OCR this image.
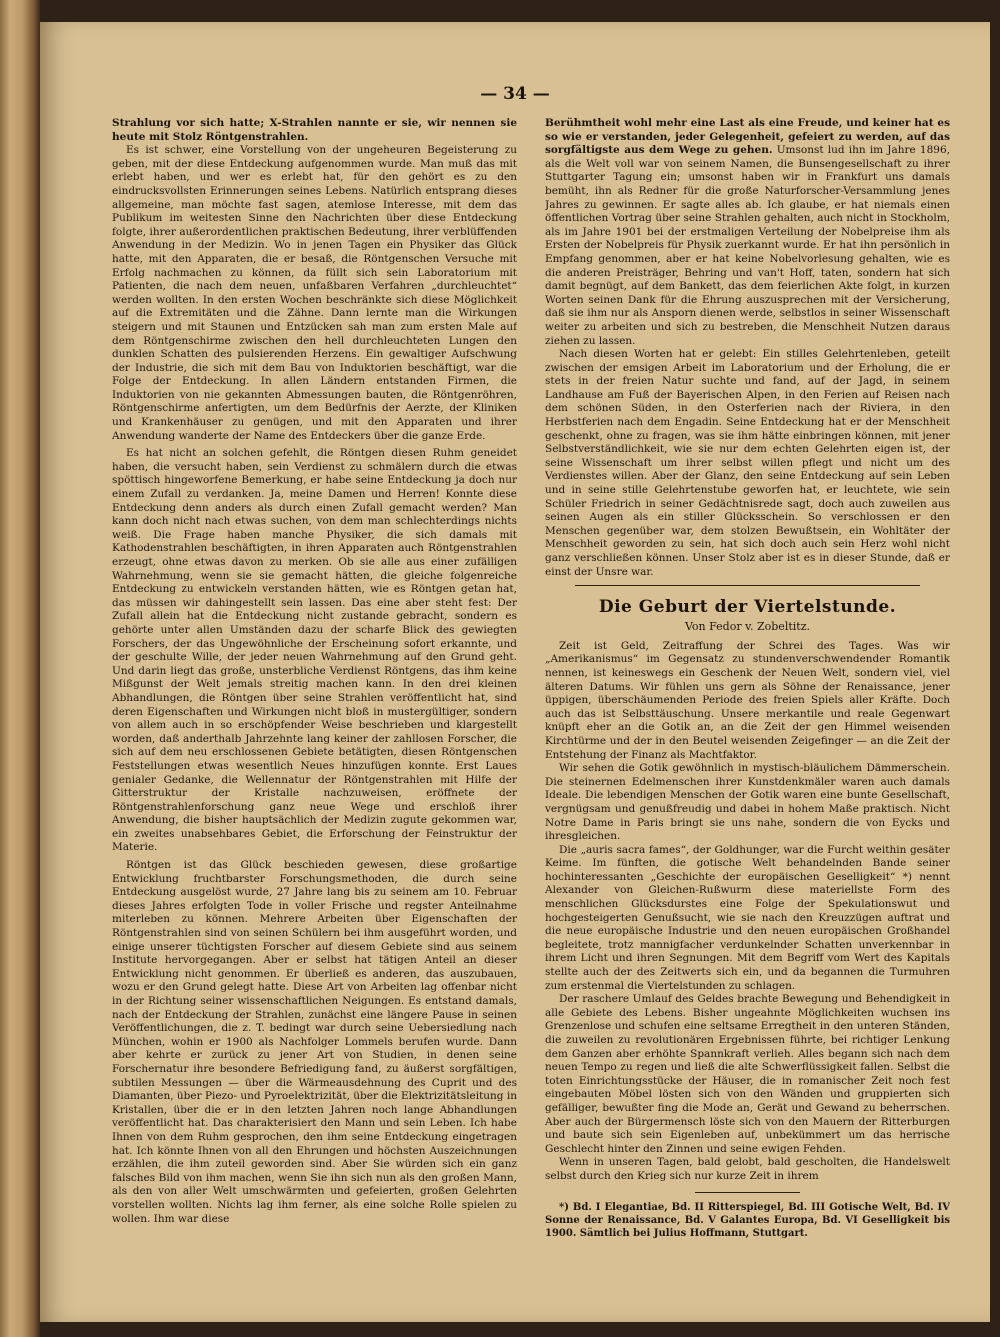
— 34 —

Strahlung vor sich hatte; X-Strahlen nannte er sie, wir nennen sie heute mit Stolz Röntgenstrahlen.

Es ist schwer, eine Vorstellung von der ungeheuren Begeisterung zu geben, mit der diese Entdeckung aufgenommen wurde. Man muß das mit erlebt haben, und wer es erlebt hat, für den gehört es zu den eindrucksvollsten Erinnerungen seines Lebens. Natürlich entsprang dieses allgemeine, man möchte fast sagen, atemlose Interesse, mit dem das Publikum im weitesten Sinne den Nachrichten über diese Entdeckung folgte, ihrer außerordentlichen praktischen Bedeutung, ihrer verblüffenden Anwendung in der Medizin. Wo in jenen Tagen ein Physiker das Glück hatte, mit den Apparaten, die er besaß, die Röntgenschen Versuche mit Erfolg nachmachen zu können, da füllt sich sein Laboratorium mit Patienten, die nach dem neuen, unfaßbaren Verfahren „durchleuchtet“ werden wollten. In den ersten Wochen beschränkte sich diese Möglichkeit auf die Extremitäten und die Zähne. Dann lernte man die Wirkungen steigern und mit Staunen und Entzücken sah man zum ersten Male auf dem Röntgenschirme zwischen den hell durchleuchteten Lungen den dunklen Schatten des pulsierenden Herzens. Ein gewaltiger Aufschwung der Industrie, die sich mit dem Bau von Induktorien beschäftigt, war die Folge der Entdeckung. In allen Ländern entstanden Firmen, die Induktorien von nie gekannten Abmessungen bauten, die Röntgenröhren, Röntgenschirme anfertigten, um dem Bedürfnis der Aerzte, der Kliniken und Krankenhäuser zu genügen, und mit den Apparaten und ihrer Anwendung wanderte der Name des Entdeckers über die ganze Erde.

Es hat nicht an solchen gefehlt, die Röntgen diesen Ruhm geneidet haben, die versucht haben, sein Verdienst zu schmälern durch die etwas spöttisch hingeworfene Bemerkung, er habe seine Entdeckung ja doch nur einem Zufall zu verdanken. Ja, meine Damen und Herren! Konnte diese Entdeckung denn anders als durch einen Zufall gemacht werden? Man kann doch nicht nach etwas suchen, von dem man schlechterdings nichts weiß. Die Frage haben manche Physiker, die sich damals mit Kathodenstrahlen beschäftigten, in ihren Apparaten auch Röntgenstrahlen erzeugt, ohne etwas davon zu merken. Ob sie alle aus einer zufälligen Wahrnehmung, wenn sie sie gemacht hätten, die gleiche folgenreiche Entdeckung zu entwickeln verstanden hätten, wie es Röntgen getan hat, das müssen wir dahingestellt sein lassen. Das eine aber steht fest: Der Zufall allein hat die Entdeckung nicht zustande gebracht, sondern es gehörte unter allen Umständen dazu der scharfe Blick des gewiegten Forschers, der das Ungewöhnliche der Erscheinung sofort erkannte, und der geschulte Wille, der jeder neuen Wahrnehmung auf den Grund geht. Und darin liegt das große, unsterbliche Verdienst Röntgens, das ihm keine Mißgunst der Welt jemals streitig machen kann. In den drei kleinen Abhandlungen, die Röntgen über seine Strahlen veröffentlicht hat, sind deren Eigenschaften und Wirkungen nicht bloß in mustergültiger, sondern von allem auch in so erschöpfender Weise beschrieben und klargestellt worden, daß anderthalb Jahrzehnte lang keiner der zahllosen Forscher, die sich auf dem neu erschlossenen Gebiete betätigten, diesen Röntgenschen Feststellungen etwas wesentlich Neues hinzufügen konnte. Erst Laues genialer Gedanke, die Wellennatur der Röntgenstrahlen mit Hilfe der Gitterstruktur der Kristalle nachzuweisen, eröffnete der Röntgenstrahlenforschung ganz neue Wege und erschloß ihrer Anwendung, die bisher hauptsächlich der Medizin zugute gekommen war, ein zweites unabsehbares Gebiet, die Erforschung der Feinstruktur der Materie.

Röntgen ist das Glück beschieden gewesen, diese großartige Entwicklung fruchtbarster Forschungsmethoden, die durch seine Entdeckung ausgelöst wurde, 27 Jahre lang bis zu seinem am 10. Februar dieses Jahres erfolgten Tode in voller Frische und regster Anteilnahme miterleben zu können. Mehrere Arbeiten über Eigenschaften der Röntgenstrahlen sind von seinen Schülern bei ihm ausgeführt worden, und einige unserer tüchtigsten Forscher auf diesem Gebiete sind aus seinem Institute hervorgegangen. Aber er selbst hat tätigen Anteil an dieser Entwicklung nicht genommen. Er überließ es anderen, das auszubauen, wozu er den Grund gelegt hatte. Diese Art von Arbeiten lag offenbar nicht in der Richtung seiner wissenschaftlichen Neigungen. Es entstand damals, nach der Entdeckung der Strahlen, zunächst eine längere Pause in seinen Veröffentlichungen, die z. T. bedingt war durch seine Uebersiedlung nach München, wohin er 1900 als Nachfolger Lommels berufen wurde. Dann aber kehrte er zurück zu jener Art von Studien, in denen seine Forschernatur ihre besondere Befriedigung fand, zu äußerst sorgfältigen, subtilen Messungen — über die Wärmeausdehnung des Cuprit und des Diamanten, über Piezo- und Pyroelektrizität, über die Elektrizitätsleitung in Kristallen, über die er in den letzten Jahren noch lange Abhandlungen veröffentlicht hat. Das charakterisiert den Mann und sein Leben. Ich habe Ihnen von dem Ruhm gesprochen, den ihm seine Entdeckung eingetragen hat. Ich könnte Ihnen von all den Ehrungen und höchsten Auszeichnungen erzählen, die ihm zuteil geworden sind. Aber Sie würden sich ein ganz falsches Bild von ihm machen, wenn Sie ihn sich nun als den großen Mann, als den von aller Welt umschwärmten und gefeierten, großen Gelehrten vorstellen wollten. Nichts lag ihm ferner, als eine solche Rolle spielen zu wollen. Ihm war diese

Berühmtheit wohl mehr eine Last als eine Freude, und keiner hat es so wie er verstanden, jeder Gelegenheit, gefeiert zu werden, auf das sorgfältigste aus dem Wege zu gehen. Umsonst lud ihn im Jahre 1896, als die Welt voll war von seinem Namen, die Bunsengesellschaft zu ihrer Stuttgarter Tagung ein; umsonst haben wir in Frankfurt uns damals bemüht, ihn als Redner für die große Naturforscher-Versammlung jenes Jahres zu gewinnen. Er sagte alles ab. Ich glaube, er hat niemals einen öffentlichen Vortrag über seine Strahlen gehalten, auch nicht in Stockholm, als im Jahre 1901 bei der erstmaligen Verteilung der Nobelpreise ihm als Ersten der Nobelpreis für Physik zuerkannt wurde. Er hat ihn persönlich in Empfang genommen, aber er hat keine Nobelvorlesung gehalten, wie es die anderen Preisträger, Behring und van't Hoff, taten, sondern hat sich damit begnügt, auf dem Bankett, das dem feierlichen Akte folgt, in kurzen Worten seinen Dank für die Ehrung auszusprechen mit der Versicherung, daß sie ihm nur als Ansporn dienen werde, selbstlos in seiner Wissenschaft weiter zu arbeiten und sich zu bestreben, die Menschheit Nutzen daraus ziehen zu lassen.

Nach diesen Worten hat er gelebt: Ein stilles Gelehrtenleben, geteilt zwischen der emsigen Arbeit im Laboratorium und der Erholung, die er stets in der freien Natur suchte und fand, auf der Jagd, in seinem Landhause am Fuß der Bayerischen Alpen, in den Ferien auf Reisen nach dem schönen Süden, in den Osterferien nach der Riviera, in den Herbstferien nach dem Engadin. Seine Entdeckung hat er der Menschheit geschenkt, ohne zu fragen, was sie ihm hätte einbringen können, mit jener Selbstverständlichkeit, wie sie nur dem echten Gelehrten eigen ist, der seine Wissenschaft um ihrer selbst willen pflegt und nicht um des Verdienstes willen. Aber der Glanz, den seine Entdeckung auf sein Leben und in seine stille Gelehrtenstube geworfen hat, er leuchtete, wie sein Schüler Friedrich in seiner Gedächtnisrede sagt, doch auch zuweilen aus seinen Augen als ein stiller Glücksschein. So verschlossen er den Menschen gegenüber war, dem stolzen Bewußtsein, ein Wohltäter der Menschheit geworden zu sein, hat sich doch auch sein Herz wohl nicht ganz verschließen können. Unser Stolz aber ist es in dieser Stunde, daß er einst der Unsre war.

Die Geburt der Viertelstunde.
Von Fedor v. Zobeltitz.

Zeit ist Geld, Zeitraffung der Schrei des Tages. Was wir „Amerikanismus“ im Gegensatz zu stundenverschwendender Romantik nennen, ist keineswegs ein Geschenk der Neuen Welt, sondern viel, viel älteren Datums. Wir fühlen uns gern als Söhne der Renaissance, jener üppigen, überschäumenden Periode des freien Spiels aller Kräfte. Doch auch das ist Selbsttäuschung. Unsere merkantile und reale Gegenwart knüpft eher an die Gotik an, an die Zeit der gen Himmel weisenden Kirchtürme und der in den Beutel weisenden Zeigefinger — an die Zeit der Entstehung der Finanz als Machtfaktor.

Wir sehen die Gotik gewöhnlich in mystisch-bläulichem Dämmerschein. Die steinernen Edelmenschen ihrer Kunstdenkmäler waren auch damals Ideale. Die lebendigen Menschen der Gotik waren eine bunte Gesellschaft, vergnügsam und genußfreudig und dabei in hohem Maße praktisch. Nicht Notre Dame in Paris bringt sie uns nahe, sondern die von Eycks und ihresgleichen.

Die „auris sacra fames“, der Goldhunger, war die Furcht weithin gesäter Keime. Im fünften, die gotische Welt behandelnden Bande seiner hochinteressanten „Geschichte der europäischen Geselligkeit“ *) nennt Alexander von Gleichen-Rußwurm diese materiellste Form des menschlichen Glücksdurstes eine Folge der Spekulationswut und hochgesteigerten Genußsucht, wie sie nach den Kreuzzügen auftrat und die neue europäische Industrie und den neuen europäischen Großhandel begleitete, trotz mannigfacher verdunkelnder Schatten unverkennbar in ihrem Licht und ihren Segnungen. Mit dem Begriff vom Wert des Kapitals stellte auch der des Zeitwerts sich ein, und da begannen die Turmuhren zum erstenmal die Viertelstunden zu schlagen.

Der raschere Umlauf des Geldes brachte Bewegung und Behendigkeit in alle Gebiete des Lebens. Bisher ungeahnte Möglichkeiten wuchsen ins Grenzenlose und schufen eine seltsame Erregtheit in den unteren Ständen, die zuweilen zu revolutionären Ergebnissen führte, bei richtiger Lenkung dem Ganzen aber erhöhte Spannkraft verlieh. Alles begann sich nach dem neuen Tempo zu regen und ließ die alte Schwerflüssigkeit fallen. Selbst die toten Einrichtungsstücke der Häuser, die in romanischer Zeit noch fest eingebauten Möbel lösten sich von den Wänden und gruppierten sich gefälliger, bewußter fing die Mode an, Gerät und Gewand zu beherrschen. Aber auch der Bürgermensch löste sich von den Mauern der Ritterburgen und baute sich sein Eigenleben auf, unbekümmert um das herrische Geschlecht hinter den Zinnen und seine ewigen Fehden.

Wenn in unseren Tagen, bald gelobt, bald gescholten, die Handelswelt selbst durch den Krieg sich nur kurze Zeit in ihrem

*) Bd. I Elegantiae, Bd. II Ritterspiegel, Bd. III Gotische Welt, Bd. IV Sonne der Renaissance, Bd. V Galantes Europa, Bd. VI Geselligkeit bis 1900. Sämtlich bei Julius Hoffmann, Stuttgart.
